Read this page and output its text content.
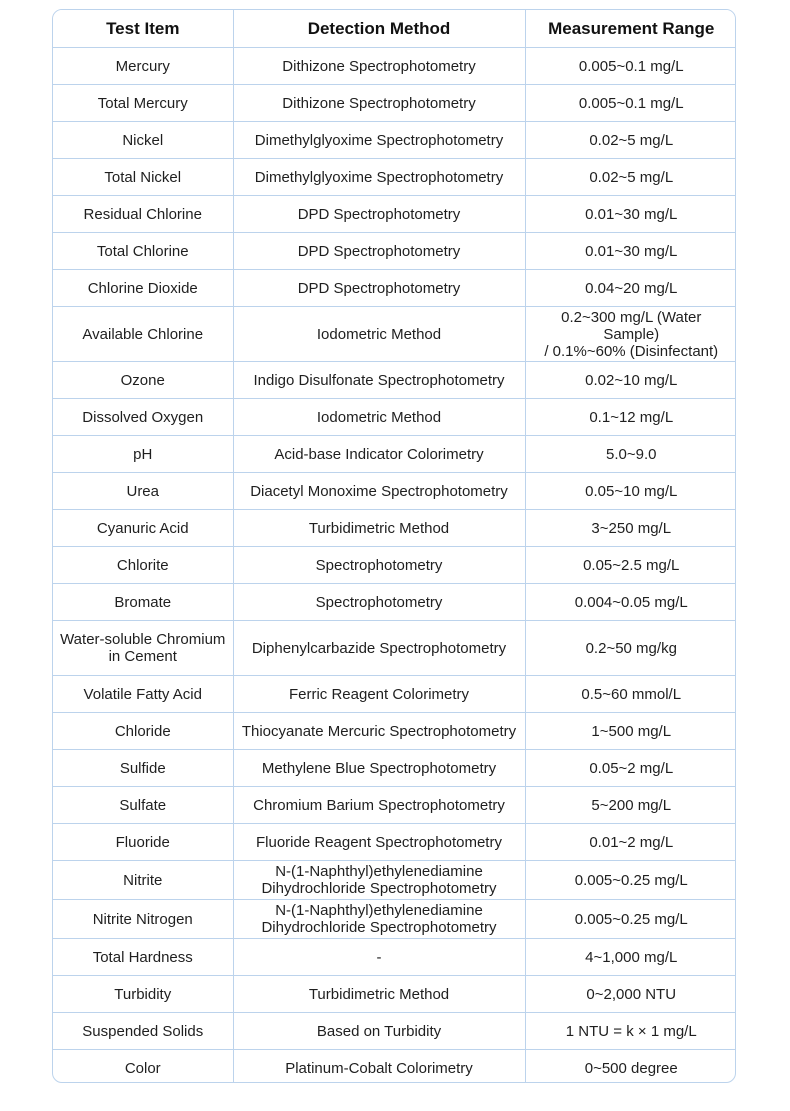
Test Item	Detection Method	Measurement Range
Mercury	Dithizone Spectrophotometry	0.005~0.1 mg/L
Total Mercury	Dithizone Spectrophotometry	0.005~0.1 mg/L
Nickel	Dimethylglyoxime Spectrophotometry	0.02~5 mg/L
Total Nickel	Dimethylglyoxime Spectrophotometry	0.02~5 mg/L
Residual Chlorine	DPD Spectrophotometry	0.01~30 mg/L
Total Chlorine	DPD Spectrophotometry	0.01~30 mg/L
Chlorine Dioxide	DPD Spectrophotometry	0.04~20 mg/L
Available Chlorine	Iodometric Method	0.2~300 mg/L (Water Sample)
/ 0.1%~60% (Disinfectant)
Ozone	Indigo Disulfonate Spectrophotometry	0.02~10 mg/L
Dissolved Oxygen	Iodometric Method	0.1~12 mg/L
pH	Acid-base Indicator Colorimetry	5.0~9.0
Urea	Diacetyl Monoxime Spectrophotometry	0.05~10 mg/L
Cyanuric Acid	Turbidimetric Method	3~250 mg/L
Chlorite	Spectrophotometry	0.05~2.5 mg/L
Bromate	Spectrophotometry	0.004~0.05 mg/L
Water-soluble Chromium
in Cement	Diphenylcarbazide Spectrophotometry	0.2~50 mg/kg
Volatile Fatty Acid	Ferric Reagent Colorimetry	0.5~60 mmol/L
Chloride	Thiocyanate Mercuric Spectrophotometry	1~500 mg/L
Sulfide	Methylene Blue Spectrophotometry	0.05~2 mg/L
Sulfate	Chromium Barium Spectrophotometry	5~200 mg/L
Fluoride	Fluoride Reagent Spectrophotometry	0.01~2 mg/L
Nitrite	N-(1-Naphthyl)ethylenediamine
Dihydrochloride Spectrophotometry	0.005~0.25 mg/L
Nitrite Nitrogen	N-(1-Naphthyl)ethylenediamine
Dihydrochloride Spectrophotometry	0.005~0.25 mg/L
Total Hardness	-	4~1,000 mg/L
Turbidity	Turbidimetric Method	0~2,000 NTU
Suspended Solids	Based on Turbidity	1 NTU = k × 1 mg/L
Color	Platinum-Cobalt Colorimetry	0~500 degree
